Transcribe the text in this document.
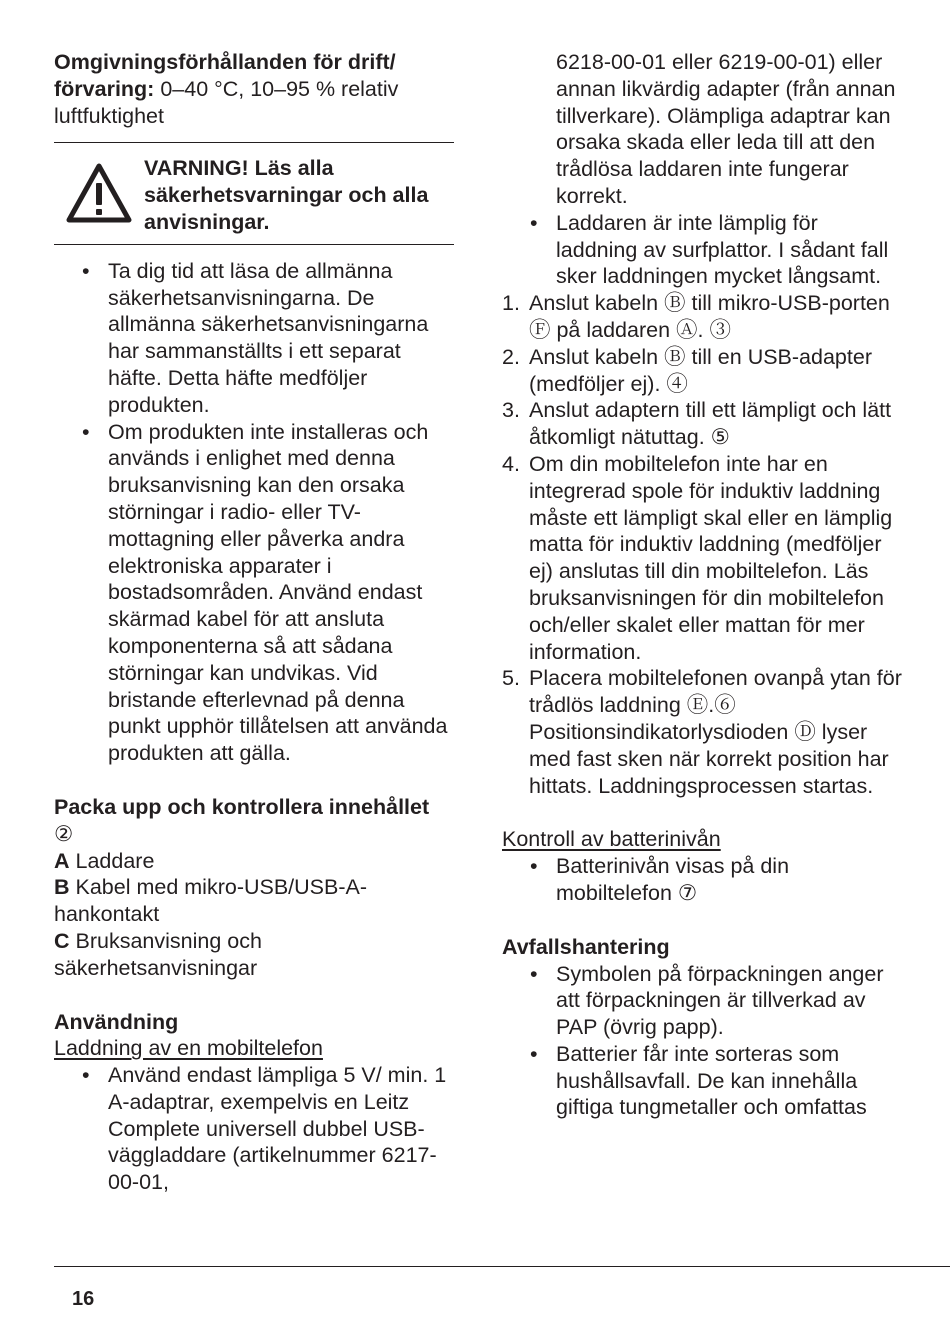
Omgivningsförhållanden för drift/ förvaring: 0–40 °C, 10–95 % relativ luftfuktighet

VARNING! Läs alla säkerhetsvarningar och alla anvisningar.

• Ta dig tid att läsa de allmänna säkerhetsanvisningarna. De allmänna säkerhetsanvisningarna har sammanställts i ett separat häfte. Detta häfte medföljer produkten.
• Om produkten inte installeras och används i enlighet med denna bruksanvisning kan den orsaka störningar i radio- eller TV-mottagning eller påverka andra elektroniska apparater i bostadsområden. Använd endast skärmad kabel för att ansluta komponenterna så att sådana störningar kan undvikas. Vid bristande efterlevnad på denna punkt upphör tillåtelsen att använda produkten att gälla.

Packa upp och kontrollera innehållet ②

A Laddare

B Kabel med mikro-USB/USB-A-hankontakt

C Bruksanvisning och säkerhetsanvisningar

Användning

Laddning av en mobiltelefon

• Använd endast lämpliga 5 V/ min. 1 A-adaptrar, exempelvis en Leitz Complete universell dubbel USB-väggladdare (artikelnummer 6217-00-01,
6218-00-01 eller 6219-00-01) eller annan likvärdig adapter (från annan tillverkare). Olämpliga adaptrar kan orsaka skada eller leda till att den trådlösa laddaren inte fungerar korrekt.
• Laddaren är inte lämplig för laddning av surfplattor. I sådant fall sker laddningen mycket långsamt.
1. Anslut kabeln Ⓑ till mikro-USB-porten Ⓕ på laddaren Ⓐ. ③
2. Anslut kabeln Ⓑ till en USB-adapter (medföljer ej). ④
3. Anslut adaptern till ett lämpligt och lätt åtkomligt nätuttag. ⑤
4. Om din mobiltelefon inte har en integrerad spole för induktiv laddning måste ett lämpligt skal eller en lämplig matta för induktiv laddning (medföljer ej) anslutas till din mobiltelefon. Läs bruksanvisningen för din mobiltelefon och/eller skalet eller mattan för mer information.
5. Placera mobiltelefonen ovanpå ytan för trådlös laddning Ⓔ.⑥ Positionsindikatorlysdioden Ⓓ lyser med fast sken när korrekt position har hittats. Laddningsprocessen startas.

Kontroll av batterinivån

• Batterinivån visas på din mobiltelefon ⑦

Avfallshantering

• Symbolen på förpackningen anger att förpackningen är tillverkad av PAP (övrig papp).
• Batterier får inte sorteras som hushållsavfall. De kan innehålla giftiga tungmetaller och omfattas
16
